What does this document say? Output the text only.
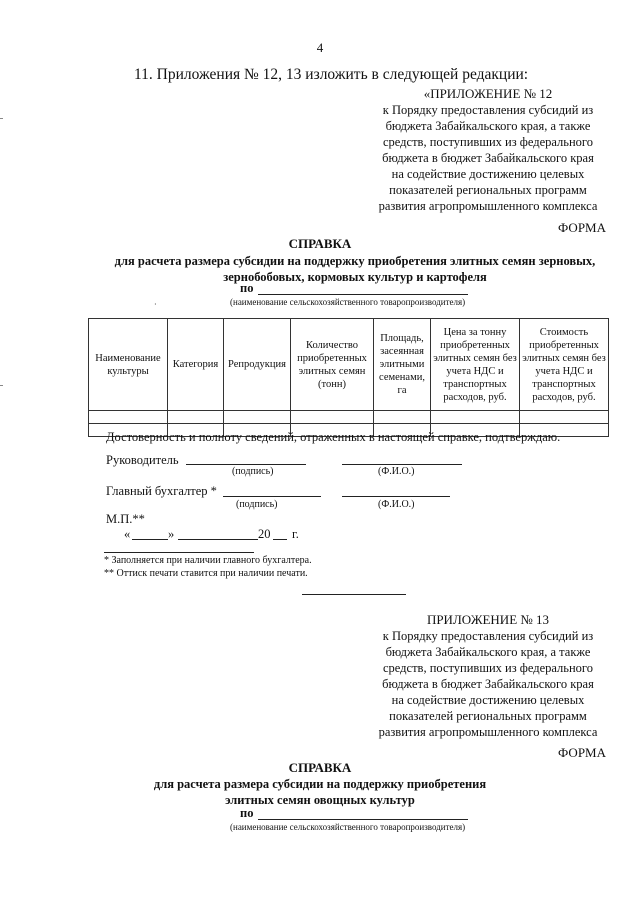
4
11. Приложения № 12, 13 изложить в следующей редакции:
«ПРИЛОЖЕНИЕ № 12
к Порядку предоставления субсидий из
бюджета Забайкальского края, а также
средств, поступивших из федерального
бюджета в бюджет Забайкальского края
на содействие достижению целевых
показателей региональных программ
развития агропромышленного комплекса
ФОРМА
СПРАВКА
для расчета размера субсидии на поддержку приобретения элитных семян зерновых, зернобобовых, кормовых культур и картофеля
по
(наименование сельскохозяйственного товаропроизводителя)
·
Наименование культуры	Категория	Репродукция	Количество приобретенных элитных семян (тонн)	Площадь, засеянная элитными семенами, га	Цена за тонну приобретенных элитных семян без учета НДС и транспортных расходов, руб.	Стоимость приобретенных элитных семян без учета НДС и транспортных расходов, руб.

Достоверность и полноту сведений, отраженных в настоящей справке, подтверждаю.
Руководитель
(подпись)	(Ф.И.О.)
Главный бухгалтер *
(подпись)	(Ф.И.О.)
М.П.**
«	»	20 г.
* Заполняется при наличии главного бухгалтера.
** Оттиск печати ставится при наличии печати.
ПРИЛОЖЕНИЕ № 13
к Порядку предоставления субсидий из
бюджета Забайкальского края, а также
средств, поступивших из федерального
бюджета в бюджет Забайкальского края
на содействие достижению целевых
показателей региональных программ
развития агропромышленного комплекса
ФОРМА
СПРАВКА
для расчета размера субсидии на поддержку приобретения
элитных семян овощных культур
по
(наименование сельскохозяйственного товаропроизводителя)
